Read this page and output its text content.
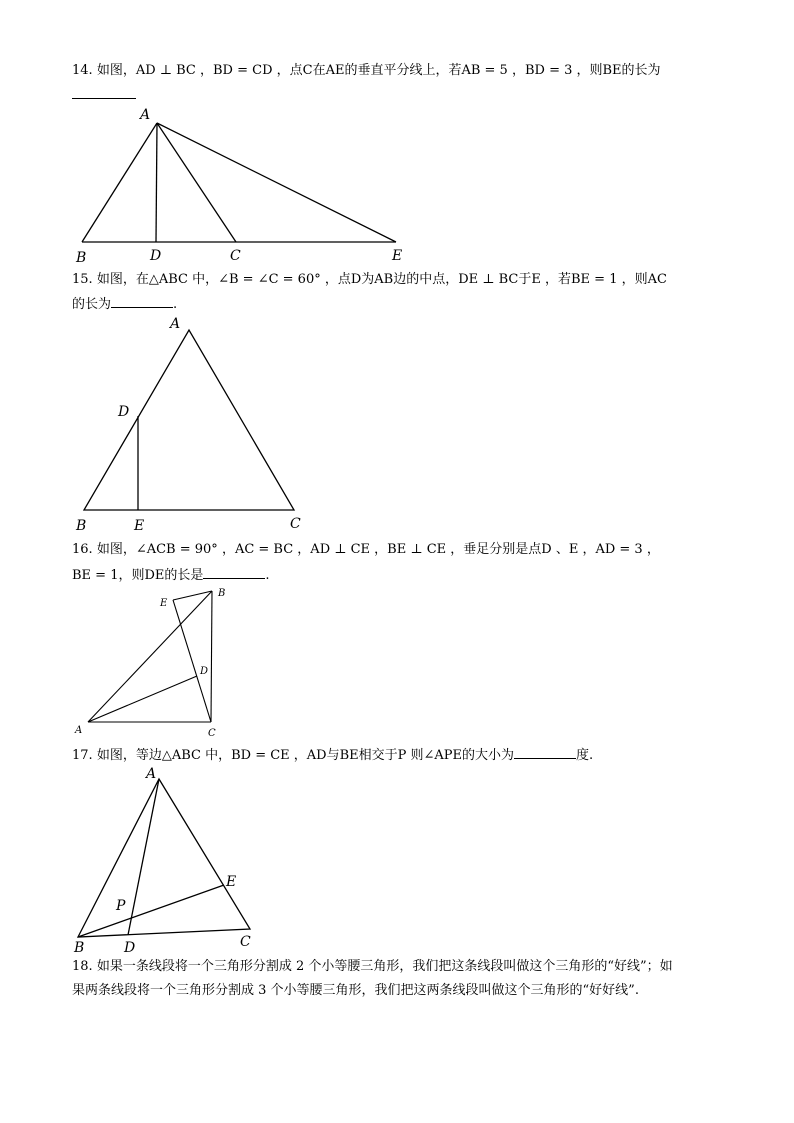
14. 如图，AD ⊥ BC ，BD = CD ，点C在AE的垂直平分线上，若AB = 5 ，BD = 3 ，则BE的长为
A
B	D	C	E
15. 如图，在△ABC 中，∠B = ∠C = 60° ，点D为AB边的中点，DE ⊥ BC于E ，若BE = 1 ，则AC
的长为	.
A
D
B	E	C
16. 如图，∠ACB = 90° ，AC = BC ，AD ⊥ CE ，BE ⊥ CE ，垂足分别是点D 、E ，AD = 3 ，
BE = 1，则DE的长是	.
E
B
D
A	C
17. 如图，等边△ABC 中，BD = CE ，AD与BE相交于P 则∠APE的大小为	度.
A
E
P
B	D	C
18. 如果一条线段将一个三角形分割成 2 个小等腰三角形，我们把这条线段叫做这个三角形的“好线”；如
果两条线段将一个三角形分割成 3 个小等腰三角形，我们把这两条线段叫做这个三角形的“好好线”.
